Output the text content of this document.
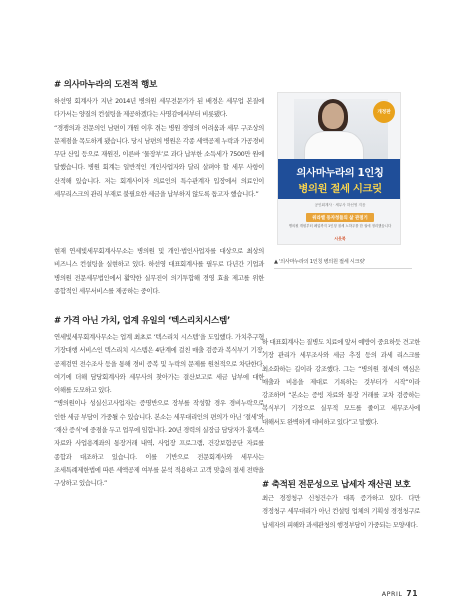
# 의사마누라의 도전적 행보

하선영 회계사가 지난 2014년 병의원 세무전문가가 된 배경은 세무업 본질에 다가서는 양질의 컨설팅을 제공하겠다는 사명감에서부터 비롯됐다.

“경쟁의과 전문의인 남편이 개원 이후 겪는 병원 경영의 어려움과 세무 구조상의 문제점을 목도하게 됐습니다. 당시 남편의 병원은 각종 세액공제 누락과 가공경비 무단 산입 등으로 재원진, 이른바 ‘물장부’로 과다 납부한 소득세가 7500만 원에 달했습니다. 병원 회계는 일반적인 개인사업자와 달리 살펴야 할 세무 사항이 산적해 있습니다. 저는 회계사이자 의료인의 특수관계자 입장에서 의료인이 세무리스크의 관리 부재로 불필요한 세금을 납부하지 않도록 돕고자 했습니다.”

현재 연세빛세무회계사무소는 병의원 및 개인·법인사업자를 대상으로 최상의 비즈니스 컨설팅을 실현하고 있다. 하선영 대표회계사를 필두로 다년간 기업과 병의원 전문세무법인에서 활약한 실무진이 의기투합해 경영 효율 제고를 위한 종합적인 세무서비스를 제공하는 중이다.

# 가격 아닌 가치, 업계 유일의 ‘텍스리치시스템’

연세빛세무회계사무소는 업계 최초로 ‘텍스리치 시스템’을 도입했다. 가치추구형 기장대행 서비스인 텍스리치 시스템은 4단계에 걸친 매출 검증과 복식부기 기장, 공제검연 전수조사 등을 통해 경비 증복 및 누락의 문제를 원천적으로 차단한다. 여기에 더해 담당회계사와 세무사의 찾아가는 결산보고로 세금 납부에 대한 이해를 도모하고 있다.

“병의원이나 성실신고사업자는 증명반으로 장부를 작성할 경우 경비누락으로 인한 세금 부담이 가중될 수 있습니다. 본소는 세무대리인의 편의가 아닌 ‘절세’와 ‘재산 증식’에 중점을 두고 업무에 임합니다. 20년 경력의 실장급 담당자가 홈택스 자료와 사업용계좌의 통장거래 내역, 사업장 프로그램, 건강보험공단 자료를 종합과 대조하고 있습니다. 이를 기반으로 전문회계사와 세무사는 조세특례제한법에 따른 세액공제 여부를 분석 적용하고 고객 맞춤의 절세 전략을 구상하고 있습니다.”

개정판
의사마누라의 1인칭
병의원 절세 시크릿
공인회계사 · 세무사 하선영 지음
워라밸 동자청들의 삶 관점기
병의원 개원부터 폐업까지 1인칭 절세 노하우를 한 권에 정리했습니다
시옷북
▲ '의사마누라의 1인칭 병의원 절세 시크릿'

하 대표회계사는 질병도 치료에 앞서 예방이 중요하듯 견고한 기장 관리가 세무조사와 세금 추징 등의 과세 리스크를 최소화하는 길이라 강조했다. 그는 “병의원 절세의 핵심은 매출과 비용을 제대로 기록하는 것부터가 시작”이라 강조하며 “본소는 증빙 자료와 통장 거래를 교차 검증하는 복식부기 기장으로 실무적 모드를 줄이고 세무조사에 대해서도 완벽하게 대비하고 있다”고 말했다.

# 축적된 전문성으로 납세자 재산권 보호

최근 경정청구 신청건수가 대폭 증가하고 있다. 다만 경정청구 세무대리가 아닌 컨설팅 업체의 기획성 경정청구로 납세자의 피해와 과세관청의 행정부담이 가중되는 모양새다.

APRIL 71
